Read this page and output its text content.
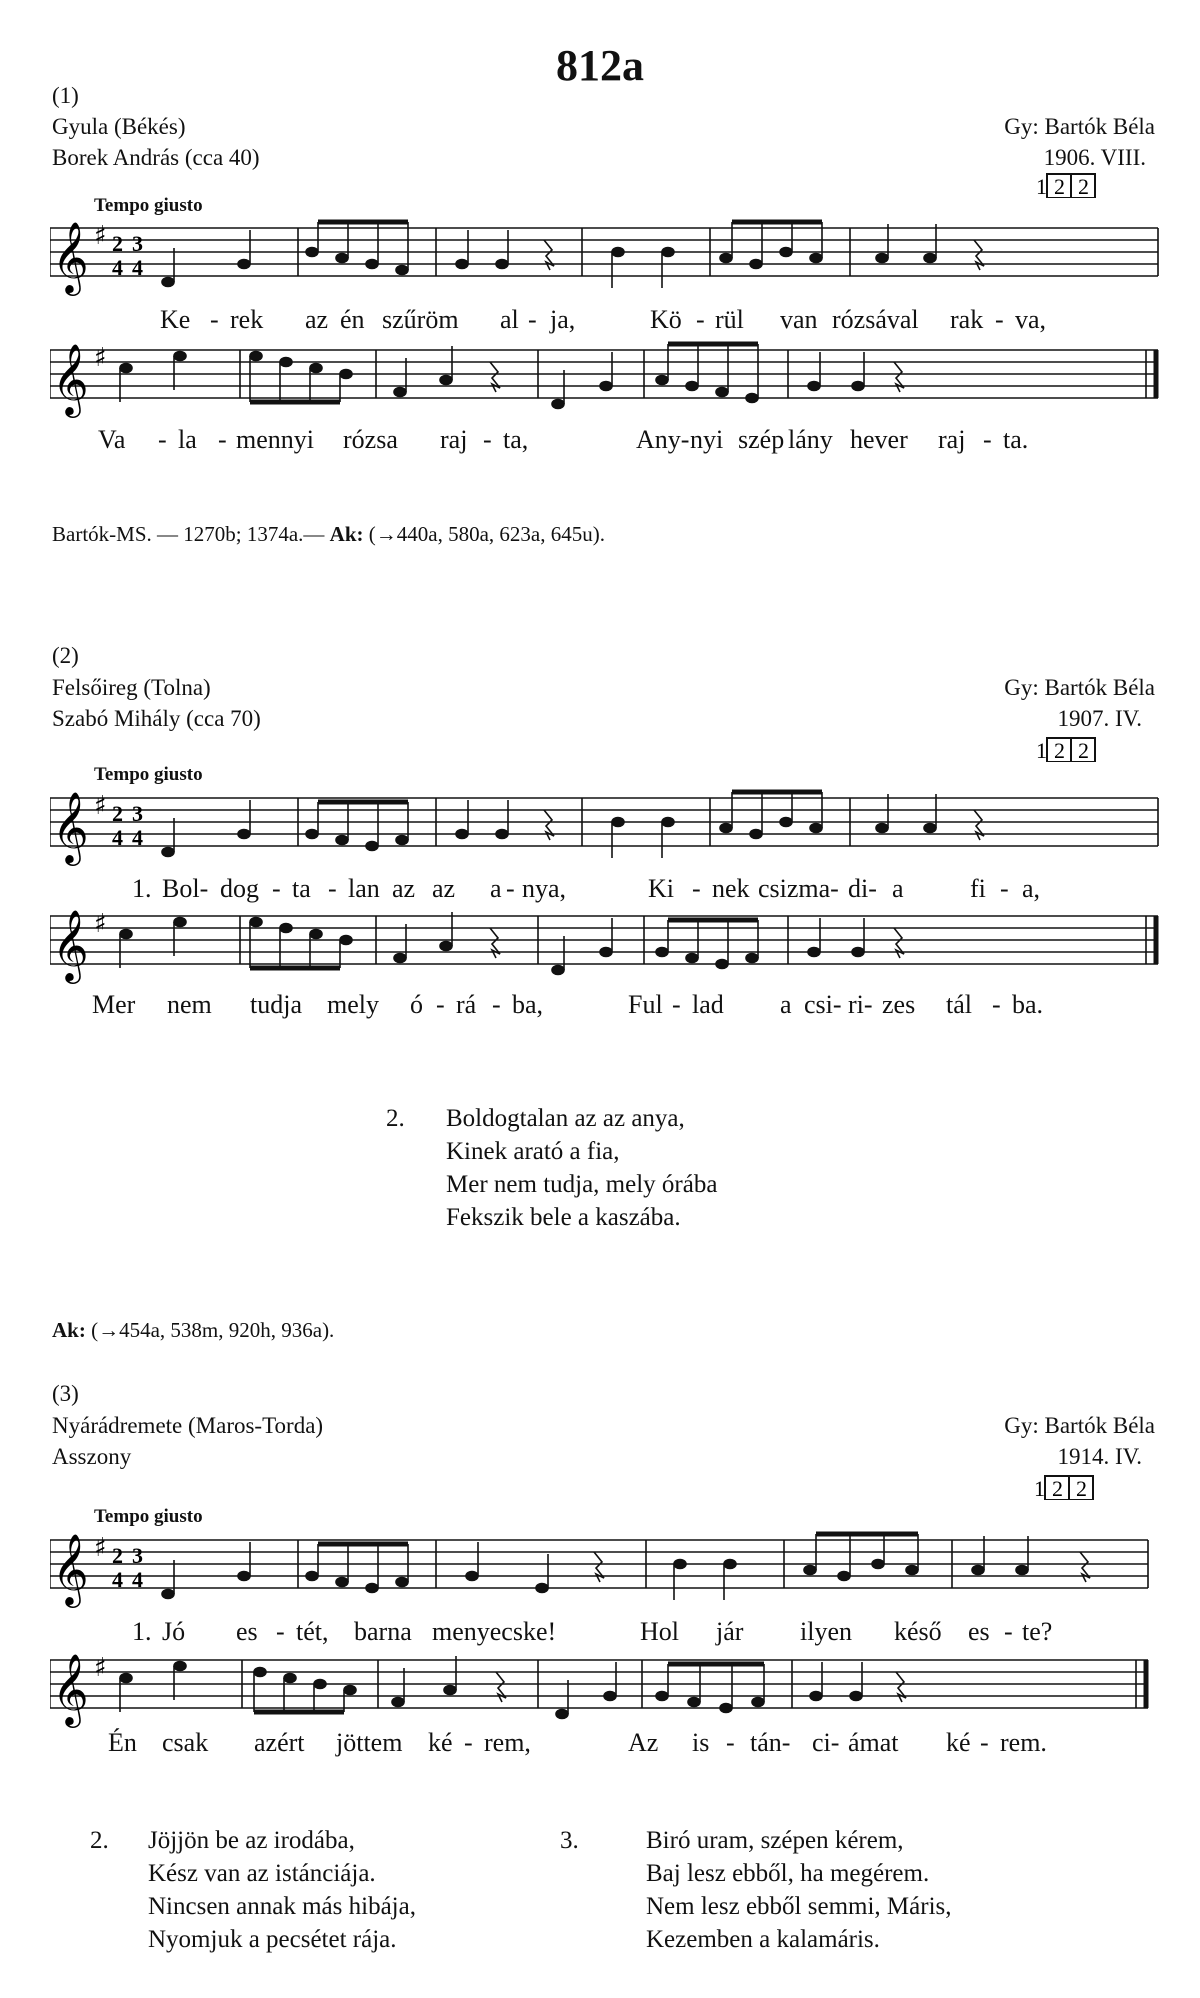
812a
(1)
Gyula (Békés)
Borek András (cca 40)
Gy: Bartók Béla
1906. VIII.
1 2 2
Tempo giusto
𝄞 ♯ 2
4
3
4
Ke - rek az én szűröm al - ja,	Kö - rül van rózsával rak - va,
𝄞 ♯
Va - la - mennyi rózsa raj - ta,	Any- nyi szép lány hever raj - ta.
Bartók-MS. — 1270b; 1374a.— Ak: (→440a, 580a, 623a, 645u).
(2)
Felsőireg (Tolna)
Szabó Mihály (cca 70)
Gy: Bartók Béla
1907. IV.
1 2 2
Tempo giusto
𝄞 ♯ 2
4
3
4
1. Bol- dog - ta - lan az az a - nya,	Ki - nek csizma- di- a	fi - a,
𝄞 ♯
Mer nem tudja mely ó - rá - ba,	Ful - lad a csi- ri- zes tál - ba.
2. Boldogtalan az az anya,
Kinek arató a fia,
Mer nem tudja, mely órába
Fekszik bele a kaszába.
Ak: (→454a, 538m, 920h, 936a).
(3)
Nyárádremete (Maros-Torda)
Asszony
Gy: Bartók Béla
1914. IV.
1 2 2
Tempo giusto
𝄞 ♯ 2
4
3
4
1. Jó es - tét, barna menyecske!	Hol jár ilyen késő es - te?
𝄞 ♯
Én csak azért jöttem ké - rem,	Az is - tán- ci- ámat ké - rem.
2. Jöjjön be az irodába,
Kész van az istánciája.
Nincsen annak más hibája,
Nyomjuk a pecsétet rája.
3.	Biró uram, szépen kérem,
Baj lesz ebből, ha megérem.
Nem lesz ebből semmi, Máris,
Kezemben a kalamáris.
